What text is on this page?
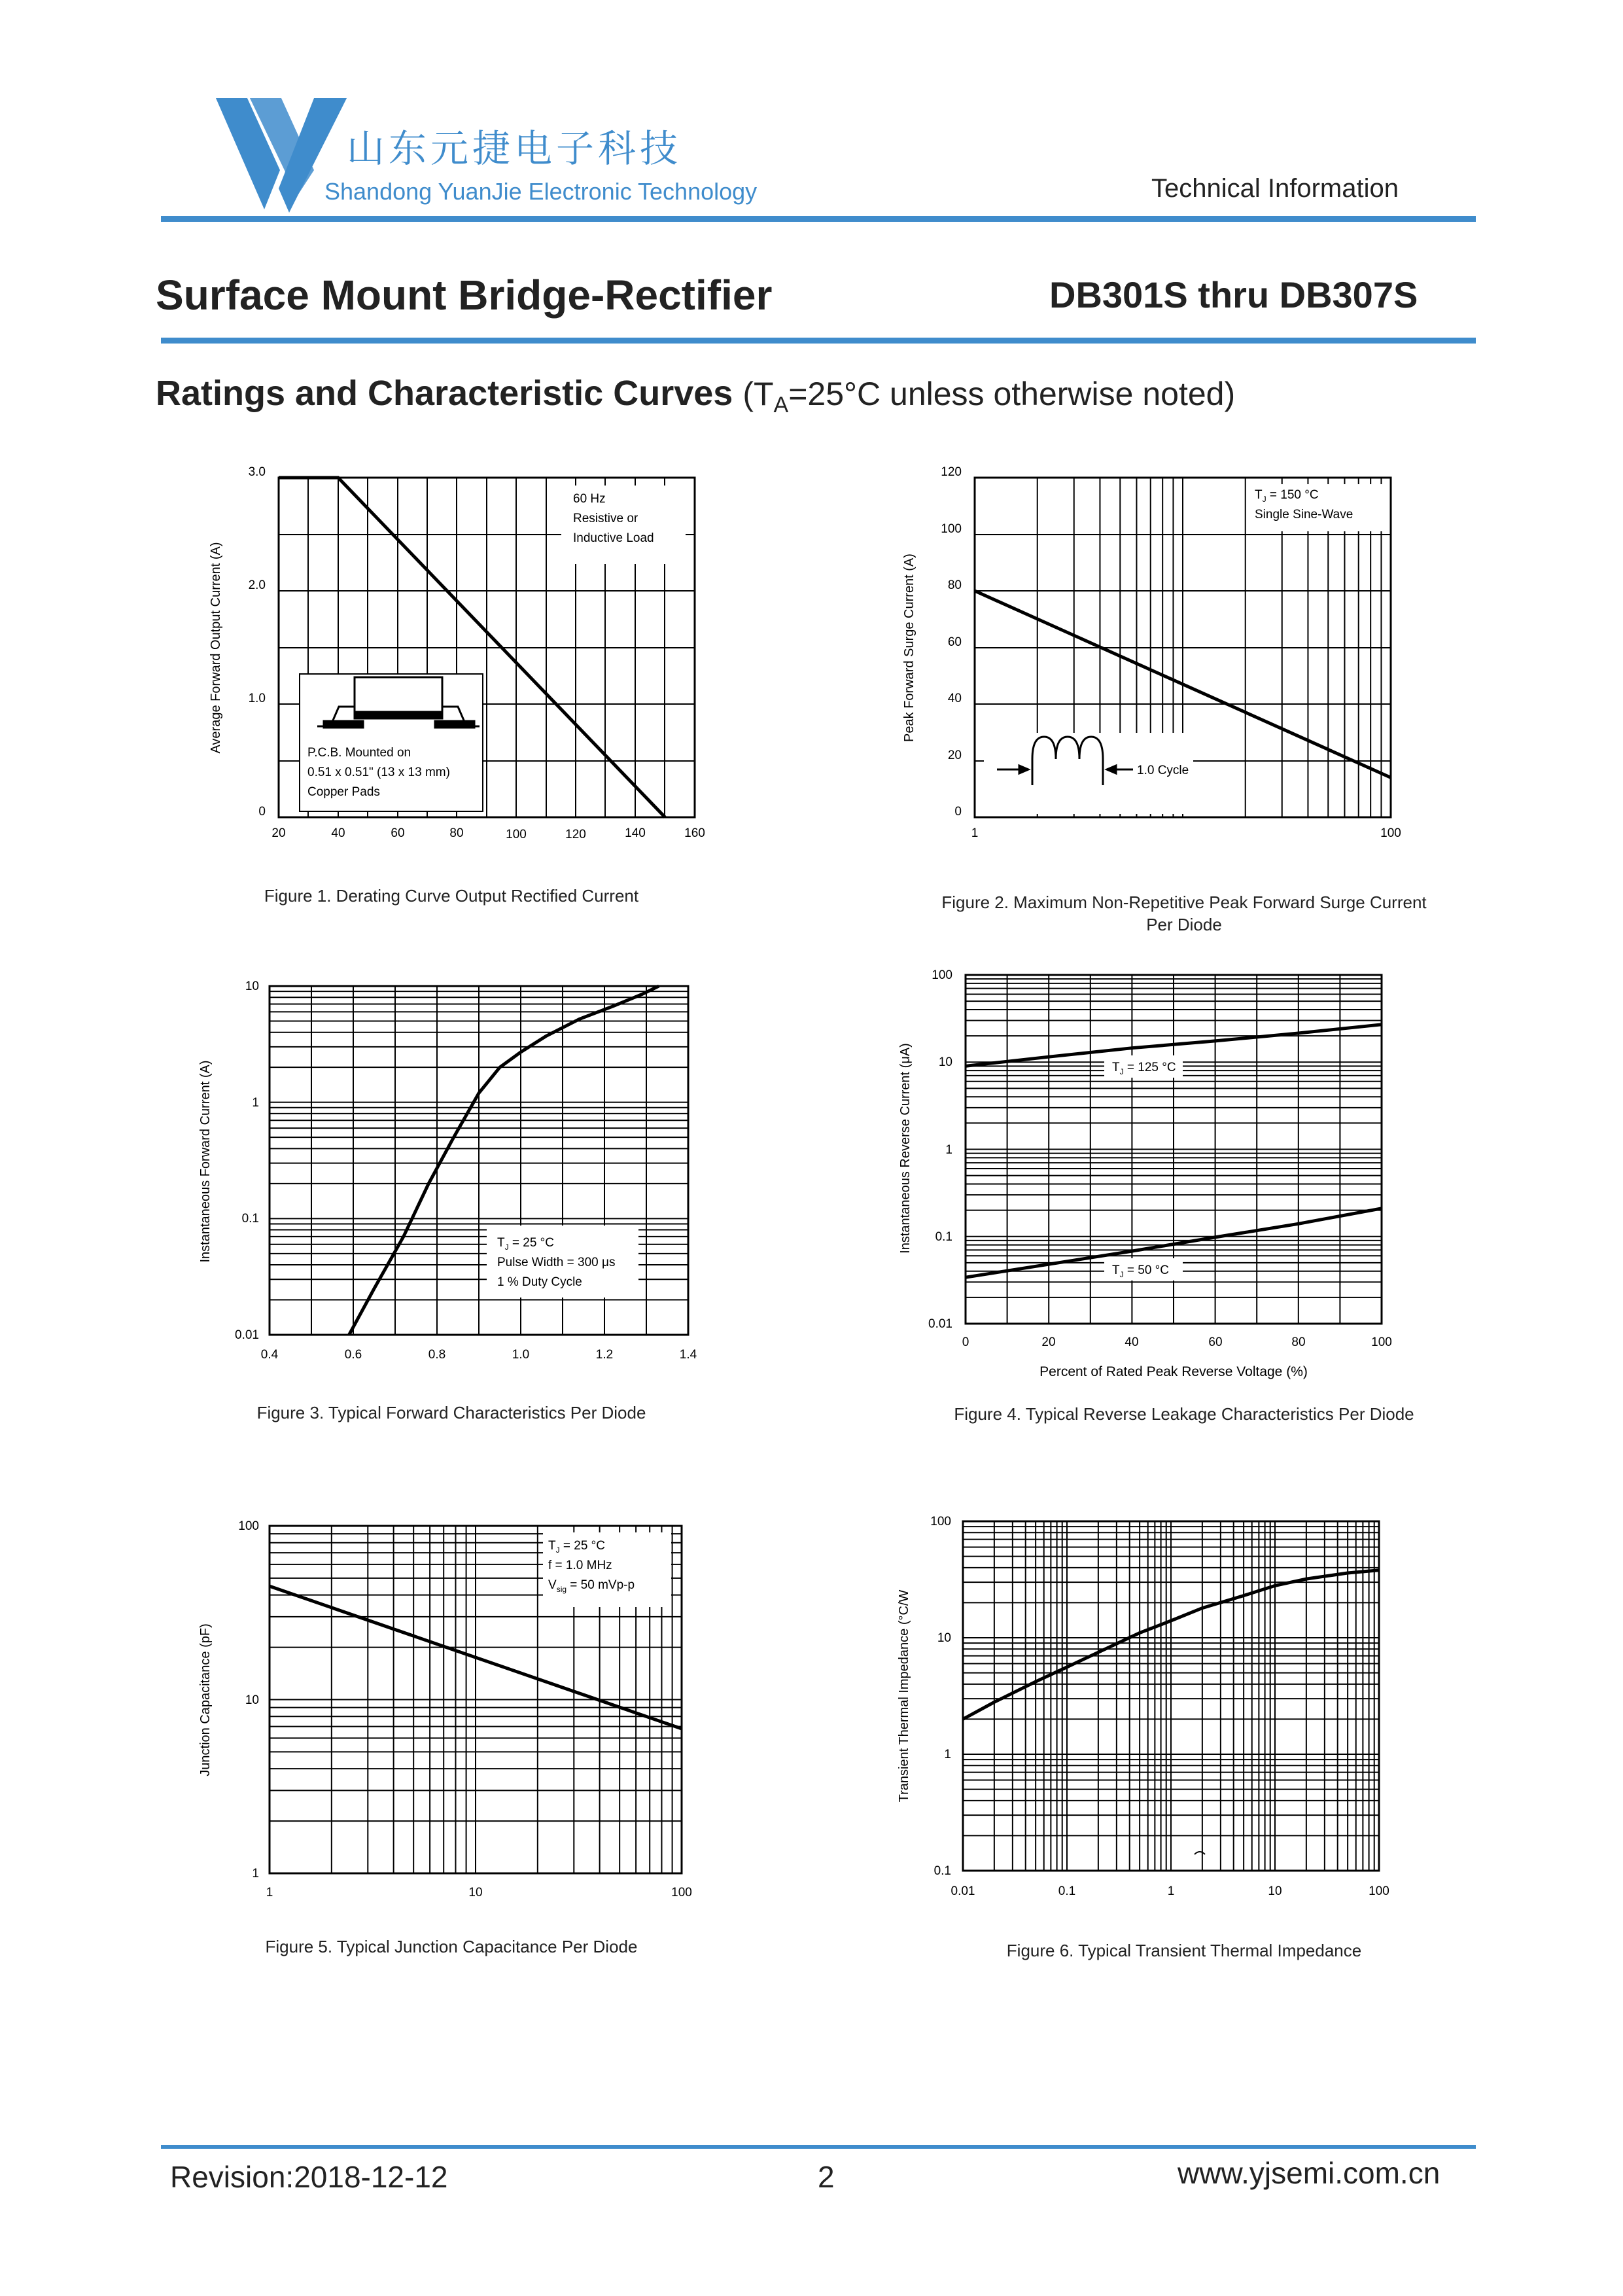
山东元捷电子科技
Shandong YuanJie Electronic Technology	Technical Information
Surface Mount Bridge-Rectifier	DB301S thru DB307S
Ratings and Characteristic Curves ($T_A=25^\circ C$ unless otherwise noted)
0
1.0
2.0
3.0
20	40	60	80	100	120	140	160
Average Forward Output Current (A)
60 Hz
Resistive or
Inductive Load
P.C.B. Mounted on
0.51 x 0.51" (13 x 13 mm)
Copper Pads
Figure 1. Derating Curve Output Rectified Current
0
20
40
60
80
100
120
1	100
Peak Forward Surge Current (A)
$T_J = 150$ °C
Single Sine-Wave
1.0 Cycle
Figure 2. Maximum Non-Repetitive Peak Forward Surge Current
Per Diode
0.01
0.1
1
10
0.4	0.6	0.8	1.0	1.2	1.4
Instantaneous Forward Current (A)	$T_J = 25$ °C
Pulse Width = 300 μs
1 % Duty Cycle
Figure 3. Typical Forward Characteristics Per Diode
0.01
0.1
1
10
100
0	20	40	60	80	100
Percent of Rated Peak Reverse Voltage (%)
Instantaneous Reverse Current (μA)	$T_J = 125$ °C
$T_J = 50$ °C
Figure 4. Typical Reverse Leakage Characteristics Per Diode
1
10
100
1	10	100
Junction Capacitance (pF)
$T_J = 25$ °C
f = 1.0 MHz
$V_{sig} = 50$ mVp-p
Figure 5. Typical Junction Capacitance Per Diode
0.1
1
10
100
0.01	0.1	1	10	100
Transient Thermal Impedance (°C/W
Figure 6. Typical Transient Thermal Impedance
Revision:2018-12-12	2	www.yjsemi.com.cn
